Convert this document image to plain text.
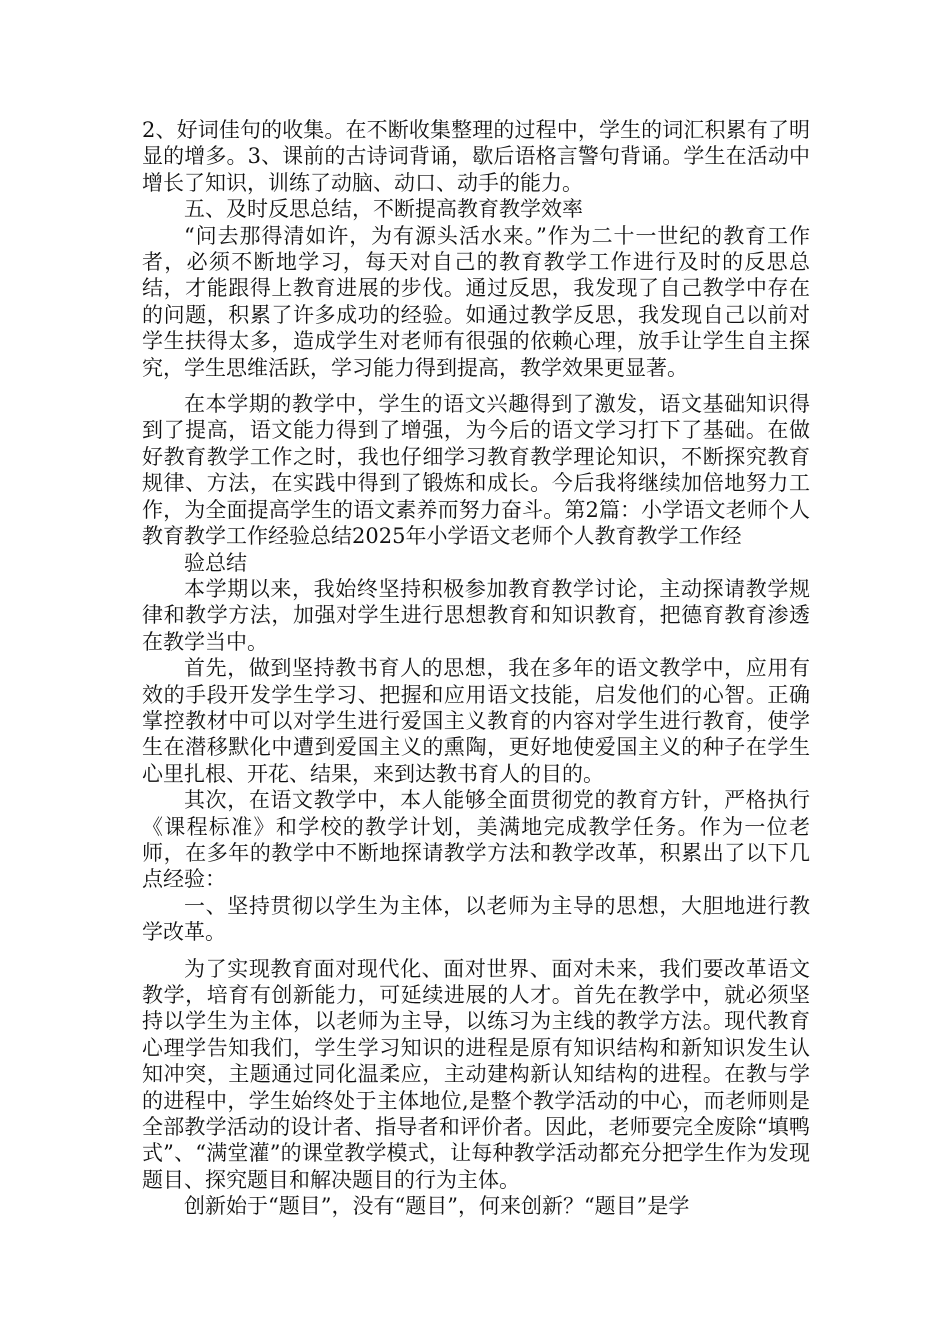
2、好词佳句的收集。在不断收集整理的过程中，学生的词汇积累有了明显的增多。3、课前的古诗词背诵，歇后语格言警句背诵。学生在活动中增长了知识，训练了动脑、动口、动手的能力。

五、及时反思总结，不断提高教育教学效率

“问去那得清如许，为有源头活水来。”作为二十一世纪的教育工作者，必须不断地学习，每天对自己的教育教学工作进行及时的反思总结，才能跟得上教育进展的步伐。通过反思，我发现了自己教学中存在的问题，积累了许多成功的经验。如通过教学反思，我发现自己以前对学生扶得太多，造成学生对老师有很强的依赖心理，放手让学生自主探究，学生思维活跃，学习能力得到提高，教学效果更显著。

在本学期的教学中，学生的语文兴趣得到了激发，语文基础知识得到了提高，语文能力得到了增强，为今后的语文学习打下了基础。在做好教育教学工作之时，我也仔细学习教育教学理论知识，不断探究教育规律、方法，在实践中得到了锻炼和成长。今后我将继续加倍地努力工作，为全面提高学生的语文素养而努力奋斗。第2篇：小学语文老师个人教育教学工作经验总结2025年小学语文老师个人教育教学工作经

验总结

本学期以来，我始终坚持积极参加教育教学讨论，主动探请教学规律和教学方法，加强对学生进行思想教育和知识教育，把德育教育渗透在教学当中。

首先，做到坚持教书育人的思想，我在多年的语文教学中，应用有效的手段开发学生学习、把握和应用语文技能，启发他们的心智。正确掌控教材中可以对学生进行爱国主义教育的内容对学生进行教育，使学生在潜移默化中遭到爱国主义的熏陶，更好地使爱国主义的种子在学生心里扎根、开花、结果，来到达教书育人的目的。

其次，在语文教学中，本人能够全面贯彻党的教育方针，严格执行《课程标准》和学校的教学计划，美满地完成教学任务。作为一位老师，在多年的教学中不断地探请教学方法和教学改革，积累出了以下几点经验：

一、坚持贯彻以学生为主体，以老师为主导的思想，大胆地进行教学改革。

为了实现教育面对现代化、面对世界、面对未来，我们要改革语文教学，培育有创新能力，可延续进展的人才。首先在教学中，就必须坚持以学生为主体，以老师为主导，以练习为主线的教学方法。现代教育心理学告知我们，学生学习知识的进程是原有知识结构和新知识发生认知冲突，主题通过同化温柔应，主动建构新认知结构的进程。在教与学的进程中，学生始终处于主体地位,是整个教学活动的中心，而老师则是全部教学活动的设计者、指导者和评价者。因此，老师要完全废除“填鸭式”、“满堂灌”的课堂教学模式，让每种教学活动都充分把学生作为发现题目、探究题目和解决题目的行为主体。

创新始于“题目”，没有“题目”，何来创新？“题目”是学
